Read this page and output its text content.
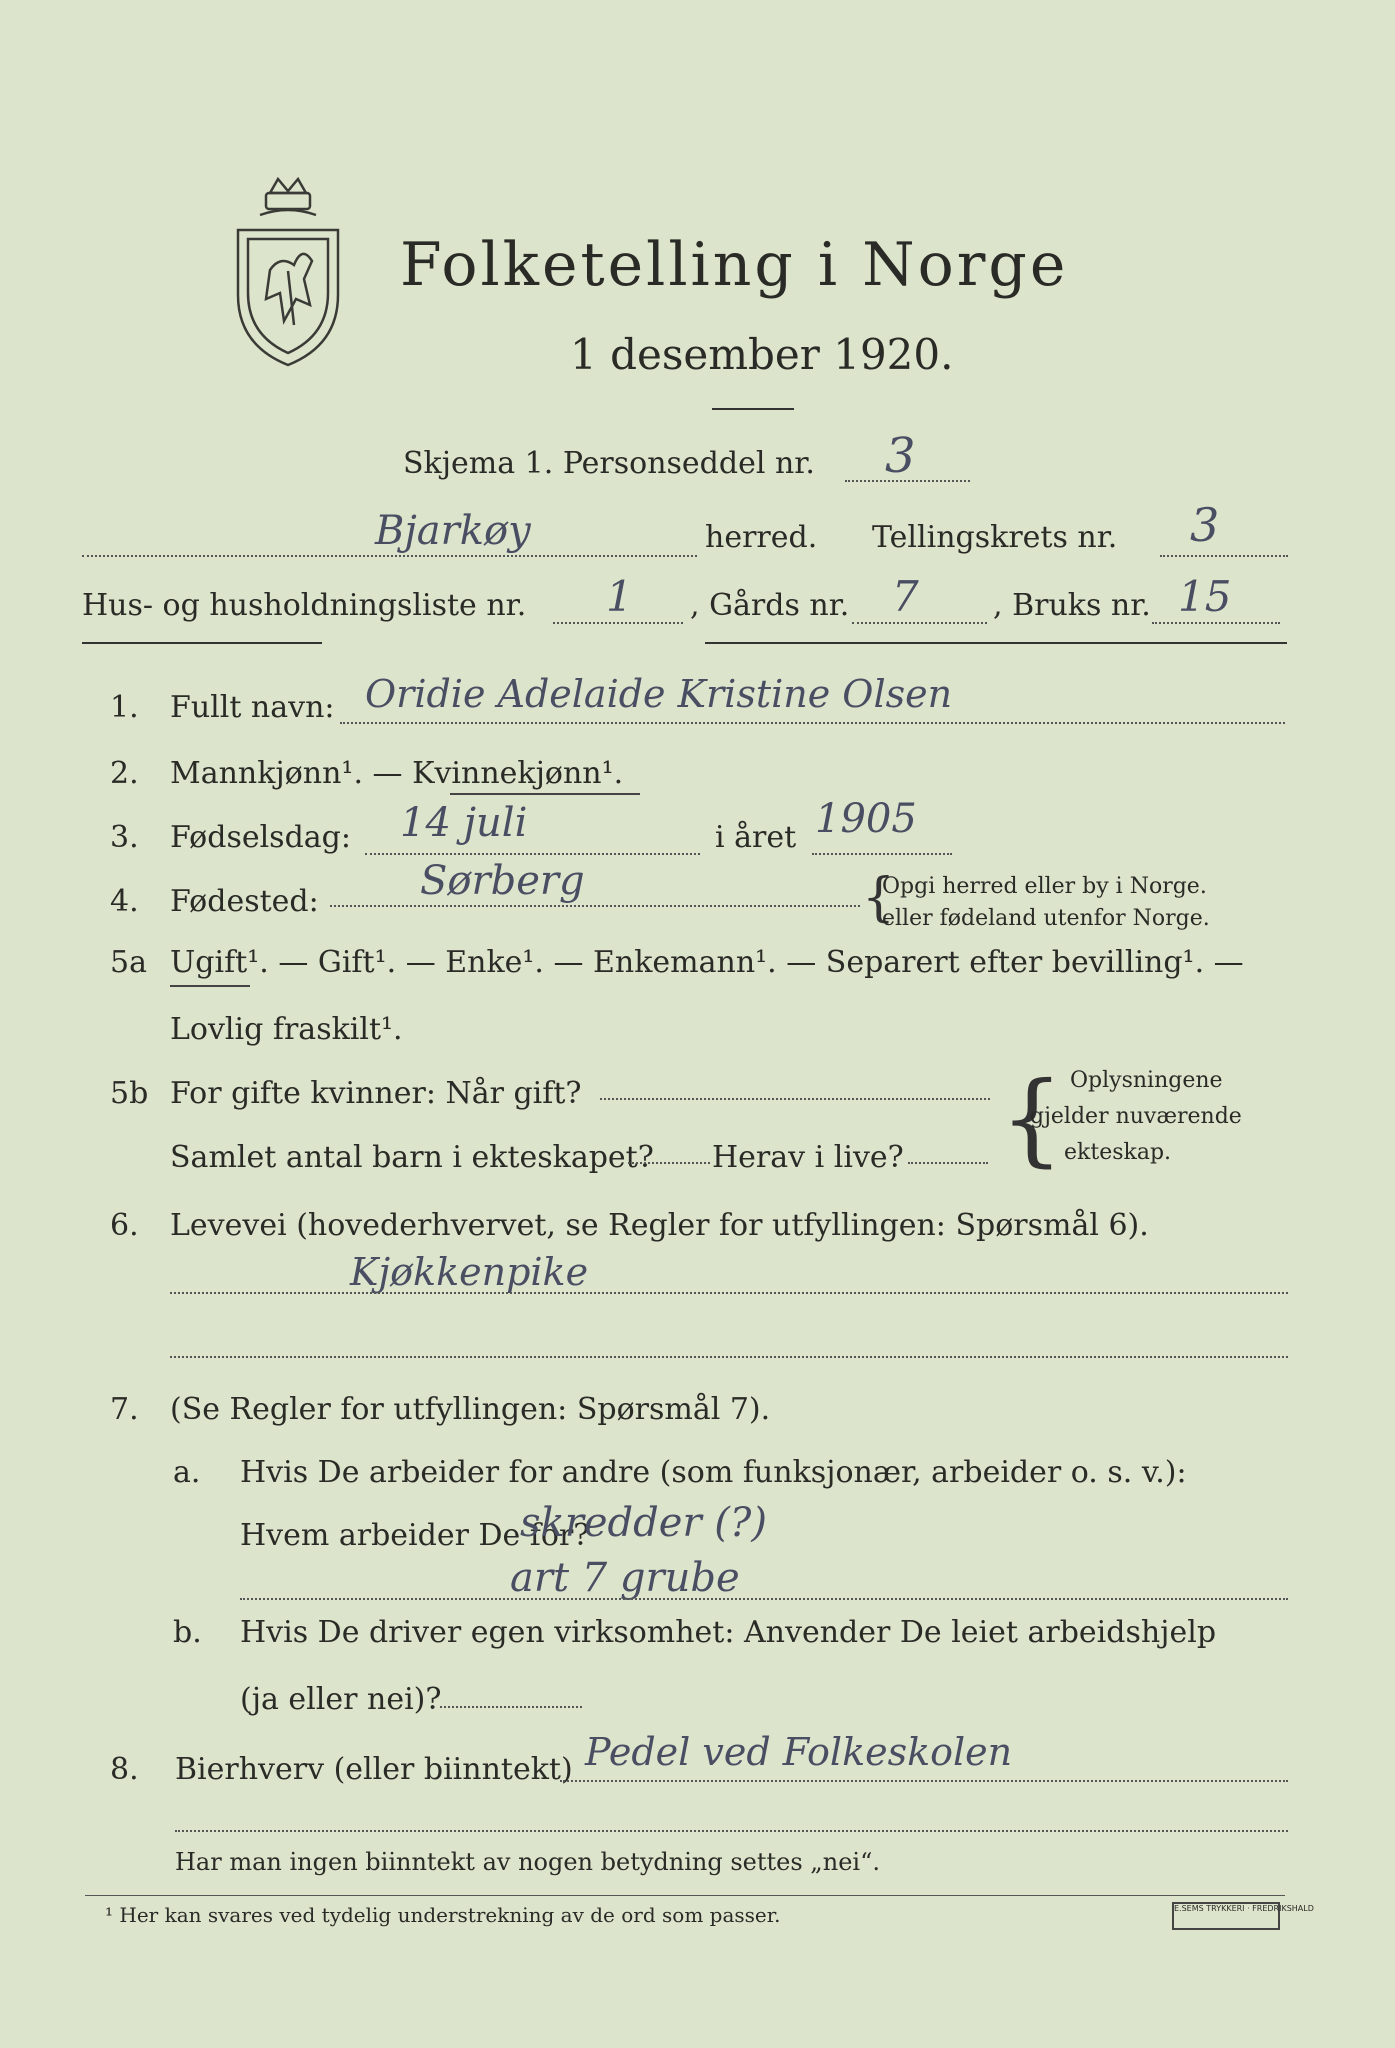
Folketelling i Norge
1 desember 1920.
Skjema 1. Personseddel nr. 3
Bjarkøy	herred. Tellingskrets nr. 3
Hus- og husholdningsliste nr. 1 , Gårds nr. 7 , Bruks nr. 15
1. Fullt navn: Oridie Adelaide Kristine Olsen
2. Mannkjønn¹. — Kvinnekjønn¹.
3. Fødselsdag: 14 juli	i året 1905
4. Fødested:	Sørberg	{
Opgi herred eller by i Norge.
eller fødeland utenfor Norge.
5a Ugift¹. — Gift¹. — Enke¹. — Enkemann¹. — Separert efter bevilling¹. —
Lovlig fraskilt¹.
5b For gifte kvinner: Når gift?
Samlet antal barn i ekteskapet? Herav i live? { Oplysningene
gjelder nuværende
ekteskap.
6. Levevei (hovederhvervet, se Regler for utfyllingen: Spørsmål 6).
Kjøkkenpike
7. (Se Regler for utfyllingen: Spørsmål 7).
a. Hvis De arbeider for andre (som funksjonær, arbeider o. s. v.):
Hvem arbeider De for?
skredder (?)
art 7 grube
b. Hvis De driver egen virksomhet: Anvender De leiet arbeidshjelp
(ja eller nei)?
8. Bierhverv (eller biinntekt) Pedel ved Folkeskolen
Har man ingen biinntekt av nogen betydning settes „nei“.
¹ Her kan svares ved tydelig understrekning av de ord som passer.	E.SEMS TRYKKERI · FREDRIKSHALD
